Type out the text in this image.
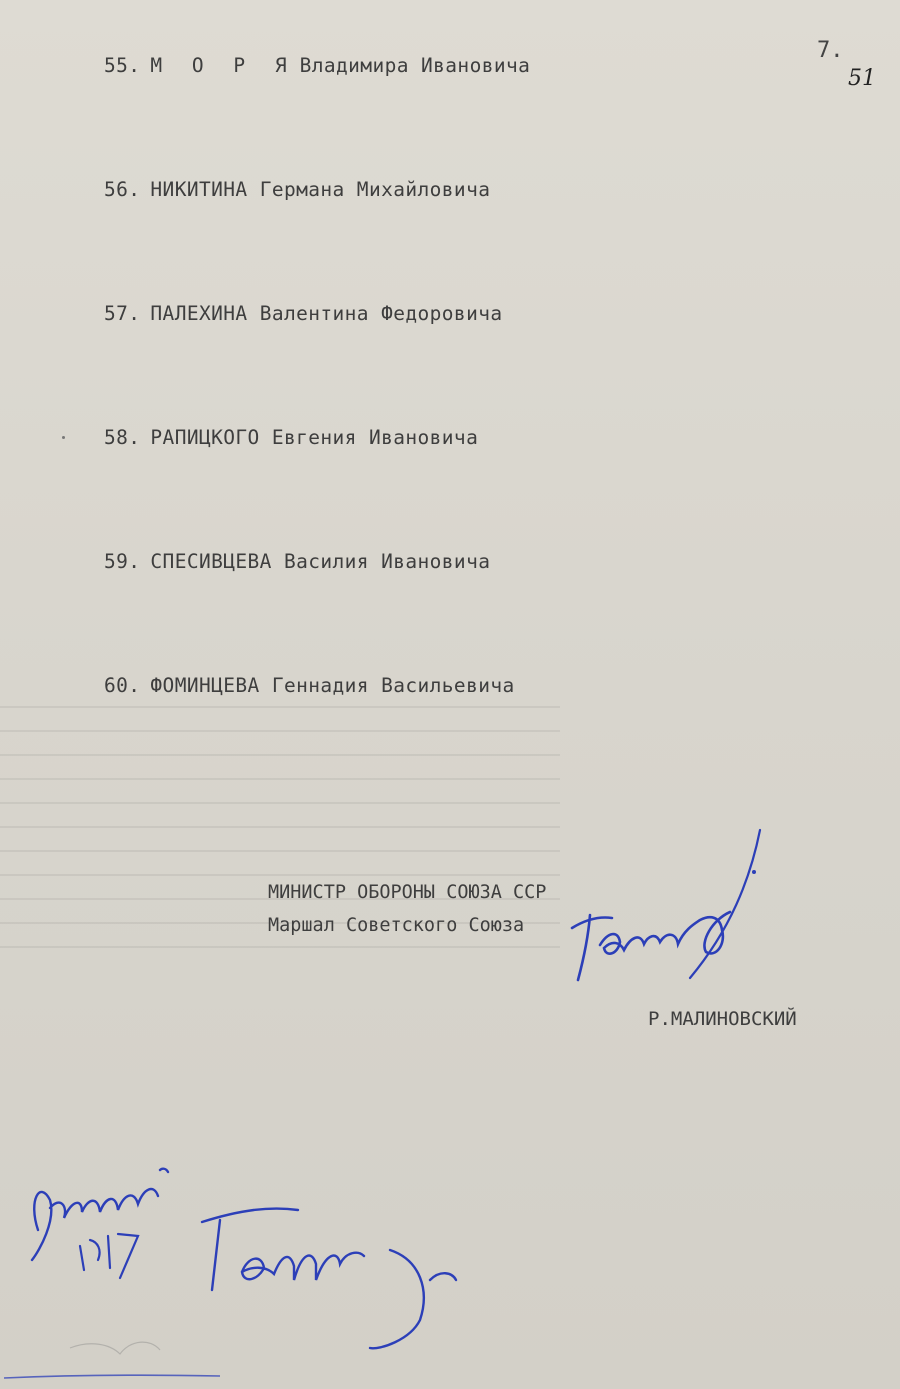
7.
51
55. М О Р Я Владимира Ивановича
56. НИКИТИНА Германа Михайловича
57. ПАЛЕХИНА Валентина Федоровича
58. РАПИЦКОГО Евгения Ивановича
59. СПЕСИВЦЕВА Василия Ивановича
60. ФОМИНЦЕВА Геннадия Васильевича
МИНИСТР ОБОРОНЫ СОЮЗА ССР
Маршал Советского Союза
Р.МАЛИНОВСКИЙ
